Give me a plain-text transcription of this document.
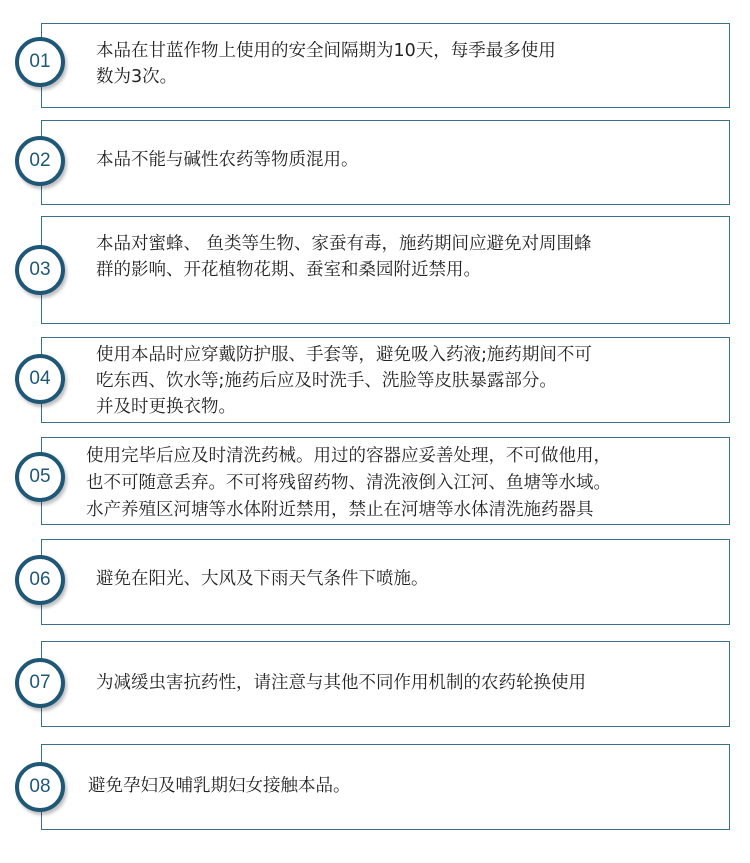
01	本品在甘蓝作物上使用的安全间隔期为10天，每季最多使用
数为3次。
02	本品不能与碱性农药等物质混用。
03
本品对蜜蜂、 鱼类等生物、家蚕有毒，施药期间应避免对周围蜂
群的影响、开花植物花期、蚕室和桑园附近禁用。
04
使用本品时应穿戴防护服、手套等，避免吸入药液;施药期间不可
吃东西、饮水等;施药后应及时洗手、洗脸等皮肤暴露部分。
并及时更换衣物。
05
使用完毕后应及时清洗药械。用过的容器应妥善处理，不可做他用，
也不可随意丢弃。不可将残留药物、清洗液倒入江河、鱼塘等水域。
水产养殖区河塘等水体附近禁用，禁止在河塘等水体清洗施药器具
06	避免在阳光、大风及下雨天气条件下喷施。
07	为减缓虫害抗药性，请注意与其他不同作用机制的农药轮换使用
08 避免孕妇及哺乳期妇女接触本品。
